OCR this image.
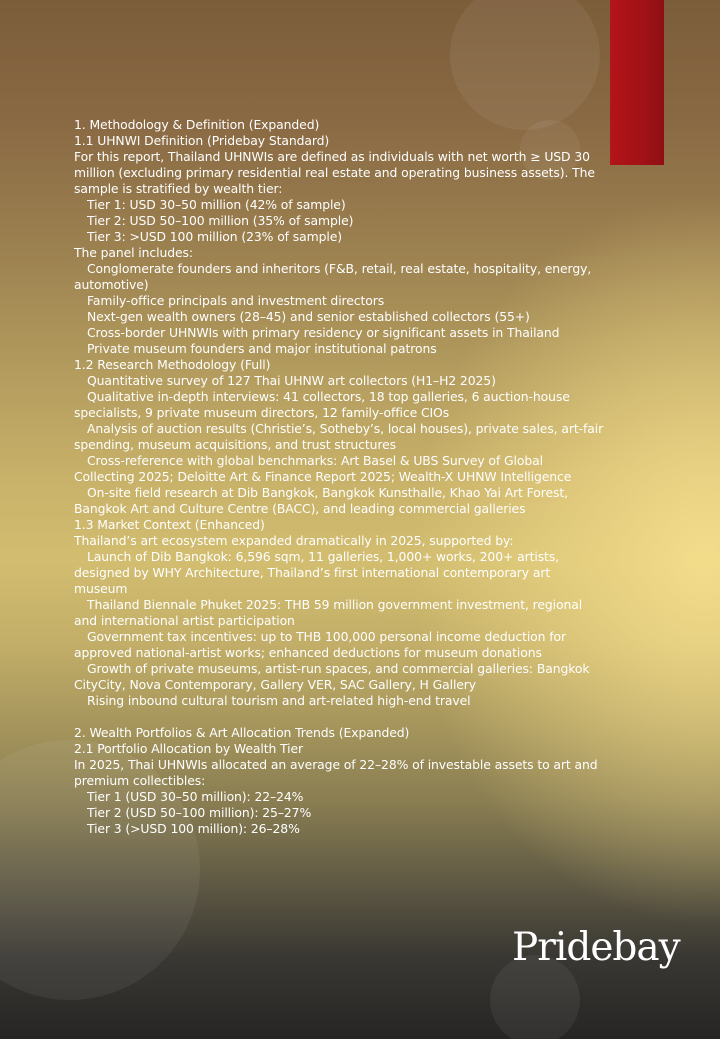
1. Methodology & Definition (Expanded)

1.1 UHNWI Definition (Pridebay Standard)

For this report, Thailand UHNWIs are defined as individuals with net worth ≥ USD 30 million (excluding primary residential real estate and operating business assets). The sample is stratified by wealth tier:

Tier 1: USD 30–50 million (42% of sample)

Tier 2: USD 50–100 million (35% of sample)

Tier 3: >USD 100 million (23% of sample)

The panel includes:

Conglomerate founders and inheritors (F&B, retail, real estate, hospitality, energy, automotive)

Family-office principals and investment directors

Next-gen wealth owners (28–45) and senior established collectors (55+)

Cross-border UHNWIs with primary residency or significant assets in Thailand

Private museum founders and major institutional patrons

1.2 Research Methodology (Full)

Quantitative survey of 127 Thai UHNW art collectors (H1–H2 2025)

Qualitative in-depth interviews: 41 collectors, 18 top galleries, 6 auction-house specialists, 9 private museum directors, 12 family-office CIOs

Analysis of auction results (Christie’s, Sotheby’s, local houses), private sales, art-fair spending, museum acquisitions, and trust structures

Cross-reference with global benchmarks: Art Basel & UBS Survey of Global Collecting 2025; Deloitte Art & Finance Report 2025; Wealth-X UHNW Intelligence

On-site field research at Dib Bangkok, Bangkok Kunsthalle, Khao Yai Art Forest, Bangkok Art and Culture Centre (BACC), and leading commercial galleries

1.3 Market Context (Enhanced)

Thailand’s art ecosystem expanded dramatically in 2025, supported by:

Launch of Dib Bangkok: 6,596 sqm, 11 galleries, 1,000+ works, 200+ artists, designed by WHY Architecture, Thailand’s first international contemporary art museum

Thailand Biennale Phuket 2025: THB 59 million government investment, regional and international artist participation

Government tax incentives: up to THB 100,000 personal income deduction for approved national-artist works; enhanced deductions for museum donations

Growth of private museums, artist-run spaces, and commercial galleries: Bangkok CityCity, Nova Contemporary, Gallery VER, SAC Gallery, H Gallery

Rising inbound cultural tourism and art-related high-end travel

2. Wealth Portfolios & Art Allocation Trends (Expanded)

2.1 Portfolio Allocation by Wealth Tier

In 2025, Thai UHNWIs allocated an average of 22–28% of investable assets to art and premium collectibles:

Tier 1 (USD 30–50 million): 22–24%

Tier 2 (USD 50–100 million): 25–27%

Tier 3 (>USD 100 million): 26–28%

Pridebay
